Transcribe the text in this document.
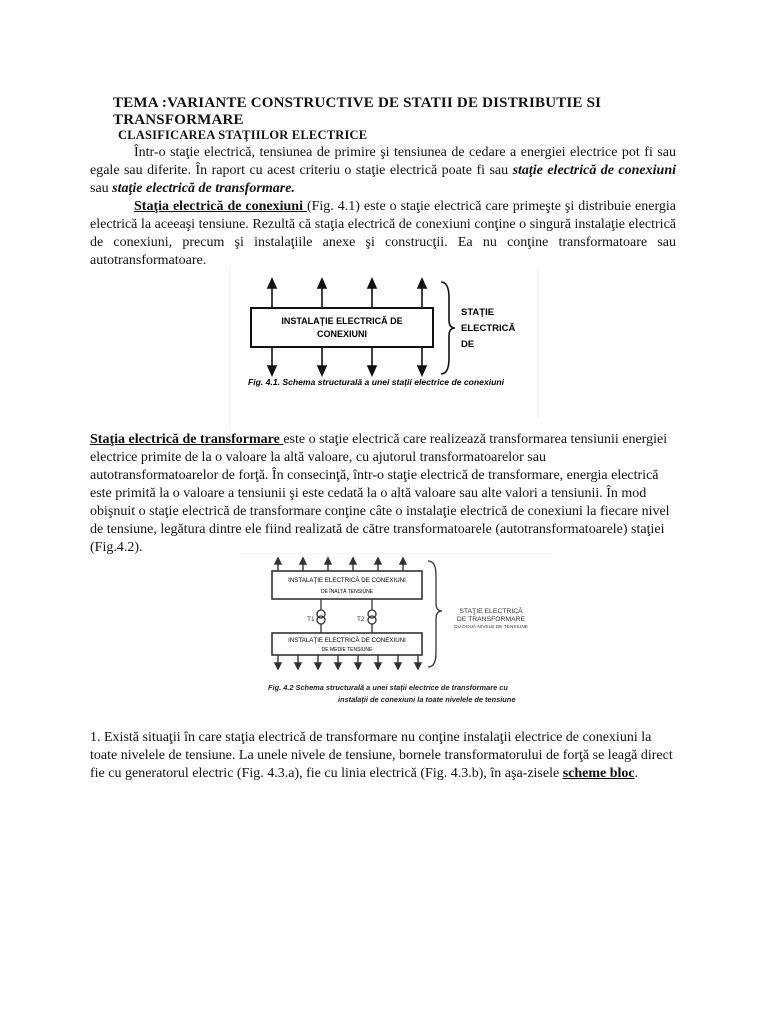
TEMA :VARIANTE CONSTRUCTIVE DE STATII DE DISTRIBUTIE SI

TRANSFORMARE
CLASIFICAREA STAŢIILOR ELECTRICE
Într-o staţie electrică, tensiunea de primire şi tensiunea de cedare a energiei electrice pot fi sau egale sau diferite. În raport cu acest criteriu o staţie electrică poate fi sau staţie electrică de conexiuni sau staţie electrică de transformare.
Staţia electrică de conexiuni (Fig. 4.1) este o staţie electrică care primeşte şi distribuie energia electrică la aceeaşi tensiune. Rezultă că staţia electrică de conexiuni conţine o singură instalaţie electrică de conexiuni, precum şi instalaţiile anexe şi construcţii. Ea nu conţine transformatoare sau autotransformatoare.
INSTALAŢIE ELECTRICĂ DE
CONEXIUNI
STAŢIE
ELECTRICĂ
DE
Fig. 4.1. Schema structurală a unei staţii electrice de conexiuni
Staţia electrică de transformare este o staţie electrică care realizează transformarea tensiunii energiei electrice primite de la o valoare la altă valoare, cu ajutorul transformatoarelor sau autotransformatoarelor de forţă. În consecinţă, într-o staţie electrică de transformare, energia electrică este primită la o valoare a tensiunii şi este cedată la o altă valoare sau alte valori a tensiunii. În mod obişnuit o staţie electrică de transformare conţine câte o instalaţie electrică de conexiuni la fiecare nivel de tensiune, legătura dintre ele fiind realizată de către transformatoarele (autotransformatoarele) staţiei (Fig.4.2).
INSTALAŢIE ELECTRICĂ DE CONEXIUNI
DE ÎNALTĂ TENSIUNE
T1	T2
INSTALAŢIE ELECTRICĂ DE CONEXIUNI
DE MEDIE TENSIUNE
STAŢIE ELECTRICĂ
DE TRANSFORMARE
CU DOUĂ NIVELE DE TENSIUNE
Fig. 4.2 Schema structurală a unei staţii electrice de transformare cu
instalaţii de conexiuni la toate nivelele de tensiune
1. Există situaţii în care staţia electrică de transformare nu conţine instalaţii electrice de conexiuni la toate nivelele de tensiune. La unele nivele de tensiune, bornele transformatorului de forţă se leagă direct fie cu generatorul electric (Fig. 4.3.a), fie cu linia electrică (Fig. 4.3.b), în aşa-zisele scheme bloc.
